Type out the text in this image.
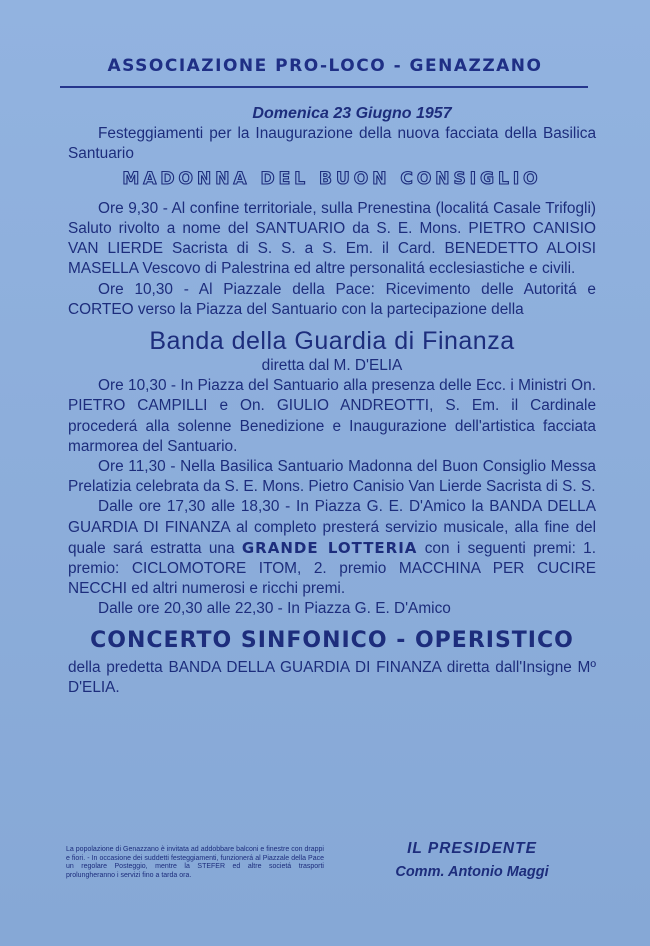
ASSOCIAZIONE PRO-LOCO - GENAZZANO

Domenica 23 Giugno 1957

Festeggiamenti per la Inaugurazione della nuova facciata della Basilica Santuario

MADONNA DEL BUON CONSIGLIO

Ore 9,30 - Al confine territoriale, sulla Prenestina (localitá Casale Trifogli) Saluto rivolto a nome del SANTUARIO da S. E. Mons. PIETRO CANISIO VAN LIERDE Sacrista di S. S. a S. Em. il Card. BENEDETTO ALOISI MASELLA Vescovo di Palestrina ed altre personalitá ecclesiastiche e civili.

Ore 10,30 - Al Piazzale della Pace: Ricevimento delle Autoritá e CORTEO verso la Piazza del Santuario con la partecipazione della

Banda della Guardia di Finanza

diretta dal M. D'ELIA

Ore 10,30 - In Piazza del Santuario alla presenza delle Ecc. i Ministri On. PIETRO CAMPILLI e On. GIULIO ANDREOTTI, S. Em. il Cardinale procederá alla solenne Benedizione e Inaugurazione dell'artistica facciata marmorea del Santuario.

Ore 11,30 - Nella Basilica Santuario Madonna del Buon Consiglio Messa Prelatizia celebrata da S. E. Mons. Pietro Canisio Van Lierde Sacrista di S. S.

Dalle ore 17,30 alle 18,30 - In Piazza G. E. D'Amico la BANDA DELLA GUARDIA DI FINANZA al completo presterá servizio musicale, alla fine del quale sará estratta una GRANDE LOTTERIA con i seguenti premi: 1. premio: CICLOMOTORE ITOM, 2. premio MACCHINA PER CUCIRE NECCHI ed altri numerosi e ricchi premi.

Dalle ore 20,30 alle 22,30 - In Piazza G. E. D'Amico

CONCERTO SINFONICO - OPERISTICO

della predetta BANDA DELLA GUARDIA DI FINANZA diretta dall'Insigne Mº D'ELIA.

La popolazione di Genazzano è invitata ad addobbare balconi e finestre con drappi e fiori. - In occasione dei suddetti festeggiamenti, funzionerá al Piazzale della Pace un regolare Posteggio, mentre la STEFER ed altre societá trasporti prolungheranno i servizi fino a tarda ora.
IL PRESIDENTE
Comm. Antonio Maggi
